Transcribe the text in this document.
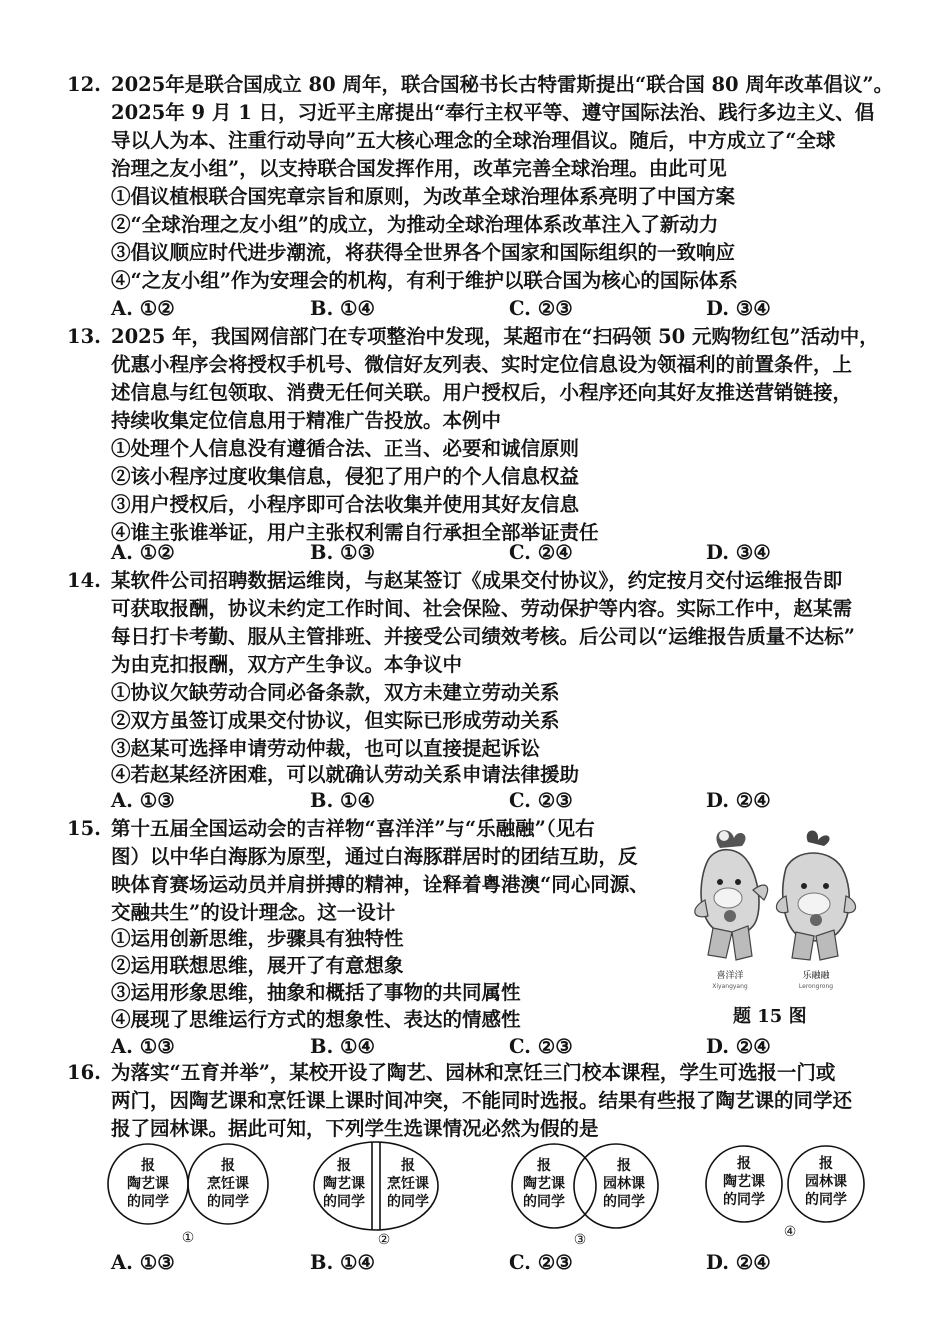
12. 2025年是联合国成立 80 周年，联合国秘书长古特雷斯提出“联合国 80 周年改革倡议”。
2025年 9 月 1 日，习近平主席提出“奉行主权平等、遵守国际法治、践行多边主义、倡
导以人为本、注重行动导向”五大核心理念的全球治理倡议。随后，中方成立了“全球
治理之友小组”，以支持联合国发挥作用，改革完善全球治理。由此可见
①倡议植根联合国宪章宗旨和原则，为改革全球治理体系亮明了中国方案
②“全球治理之友小组”的成立，为推动全球治理体系改革注入了新动力
③倡议顺应时代进步潮流，将获得全世界各个国家和国际组织的一致响应
④“之友小组”作为安理会的机构，有利于维护以联合国为核心的国际体系
A. ①②	B. ①④	C. ②③	D. ③④
13. 2025 年，我国网信部门在专项整治中发现，某超市在“扫码领 50 元购物红包”活动中，
优惠小程序会将授权手机号、微信好友列表、实时定位信息设为领福利的前置条件，上
述信息与红包领取、消费无任何关联。用户授权后，小程序还向其好友推送营销链接，
持续收集定位信息用于精准广告投放。本例中
①处理个人信息没有遵循合法、正当、必要和诚信原则
②该小程序过度收集信息，侵犯了用户的个人信息权益
③用户授权后，小程序即可合法收集并使用其好友信息
④谁主张谁举证，用户主张权利需自行承担全部举证责任
A. ①②	B. ①③	C. ②④	D. ③④
14. 某软件公司招聘数据运维岗，与赵某签订《成果交付协议》，约定按月交付运维报告即
可获取报酬，协议未约定工作时间、社会保险、劳动保护等内容。实际工作中，赵某需
每日打卡考勤、服从主管排班、并接受公司绩效考核。后公司以“运维报告质量不达标”
为由克扣报酬，双方产生争议。本争议中
①协议欠缺劳动合同必备条款，双方未建立劳动关系
②双方虽签订成果交付协议，但实际已形成劳动关系
③赵某可选择申请劳动仲裁，也可以直接提起诉讼
④若赵某经济困难，可以就确认劳动关系申请法律援助
A. ①③	B. ①④	C. ②③	D. ②④
15. 第十五届全国运动会的吉祥物“喜洋洋”与“乐融融”（见右
图）以中华白海豚为原型，通过白海豚群居时的团结互助，反
映体育赛场运动员并肩拼搏的精神，诠释着粤港澳“同心同源、
交融共生”的设计理念。这一设计
①运用创新思维，步骤具有独特性
②运用联想思维，展开了有意想象
③运用形象思维，抽象和概括了事物的共同属性
④展现了思维运行方式的想象性、表达的情感性
A. ①③	B. ①④	C. ②③	D. ②④
喜洋洋
Xiyangyang
乐融融
Lerongrong
题 15 图
16. 为落实“五育并举”，某校开设了陶艺、园林和烹饪三门校本课程，学生可选报一门或
两门，因陶艺课和烹饪课上课时间冲突，不能同时选报。结果有些报了陶艺课的同学还
报了园林课。据此可知，下列学生选课情况必然为假的是
报
陶艺课
的同学
报
烹饪课
的同学
①
报
陶艺课
的同学
报
烹饪课
的同学
②
报
陶艺课
的同学
报
园林课
的同学
③
报
陶艺课
的同学
报
园林课
的同学
④
A. ①③	B. ①④	C. ②③	D. ②④
